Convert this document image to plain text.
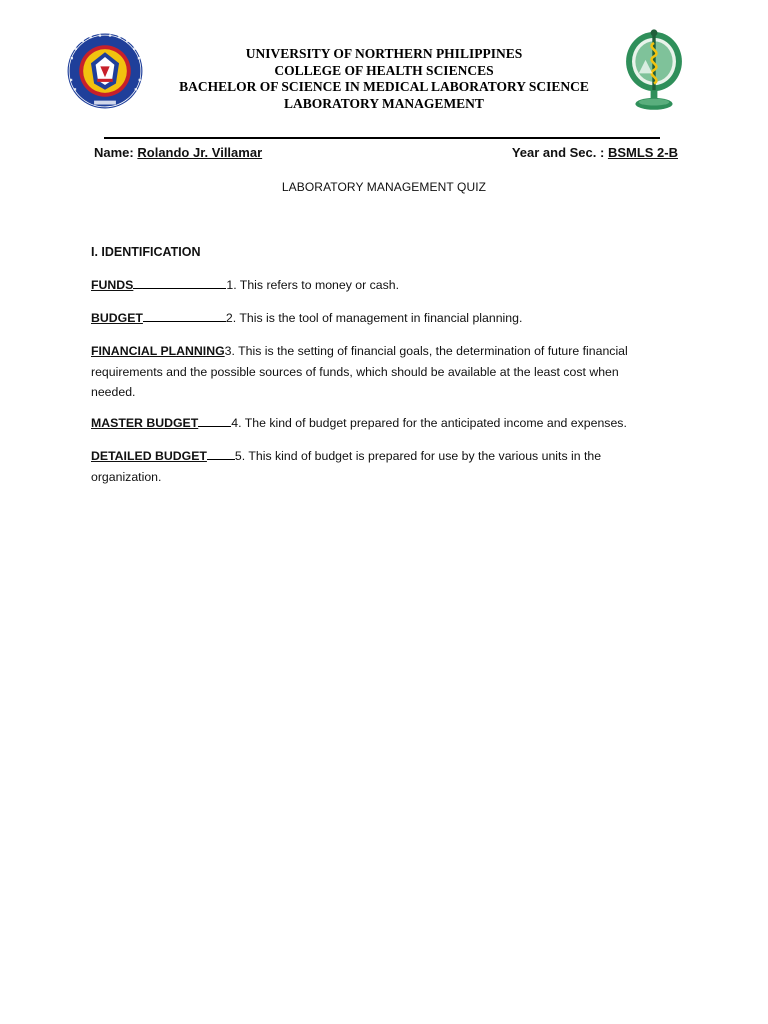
UNIVERSITY OF NORTHERN PHILIPPINES
COLLEGE OF HEALTH SCIENCES
BACHELOR OF SCIENCE IN MEDICAL LABORATORY SCIENCE
LABORATORY MANAGEMENT
Name: Rolando Jr. Villamar	Year and Sec. : BSMLS 2-B
LABORATORY MANAGEMENT QUIZ
I. IDENTIFICATION
FUNDS	1. This refers to money or cash.
BUDGET	2. This is the tool of management in financial planning.
FINANCIAL PLANNING3. This is the setting of financial goals, the determination of future financial requirements and the possible sources of funds, which should be available at the least cost when needed.
MASTER BUDGET	4. The kind of budget prepared for the anticipated income and expenses.
DETAILED BUDGET 5. This kind of budget is prepared for use by the various units in the organization.
